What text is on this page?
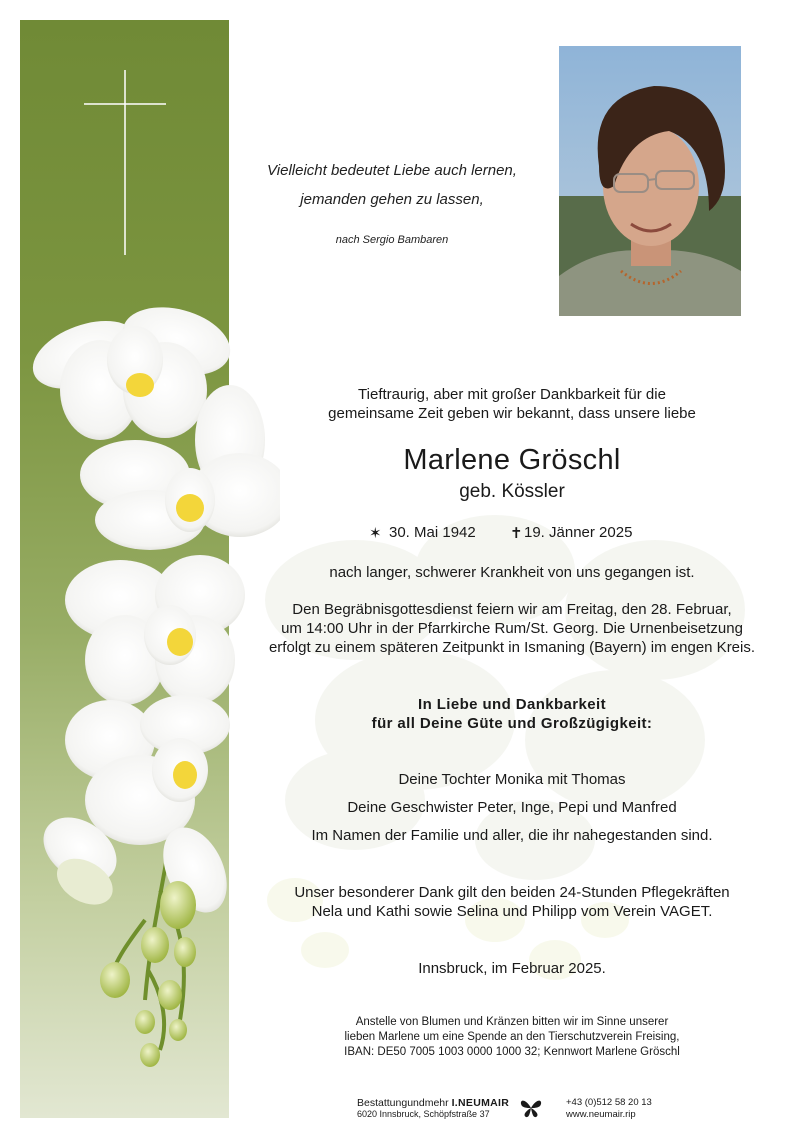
Vielleicht bedeutet Liebe auch lernen,
jemanden gehen zu lassen,
nach Sergio Bambaren
Tieftraurig, aber mit großer Dankbarkeit für die
gemeinsame Zeit geben wir bekannt, dass unsere liebe
Marlene Gröschl
geb. Kössler
✶ 30. Mai 1942 ✝ 19. Jänner 2025
nach langer, schwerer Krankheit von uns gegangen ist.
Den Begräbnisgottesdienst feiern wir am Freitag, den 28. Februar,
um 14:00 Uhr in der Pfarrkirche Rum/St. Georg. Die Urnenbeisetzung
erfolgt zu einem späteren Zeitpunkt in Ismaning (Bayern) im engen Kreis.
In Liebe und Dankbarkeit
für all Deine Güte und Großzügigkeit:
Deine Tochter Monika mit Thomas
Deine Geschwister Peter, Inge, Pepi und Manfred
Im Namen der Familie und aller, die ihr nahegestanden sind.
Unser besonderer Dank gilt den beiden 24-Stunden Pflegekräften
Nela und Kathi sowie Selina und Philipp vom Verein VAGET.
Innsbruck, im Februar 2025.
Anstelle von Blumen und Kränzen bitten wir im Sinne unserer
lieben Marlene um eine Spende an den Tierschutzverein Freising,
IBAN: DE50 7005 1003 0000 1000 32; Kennwort Marlene Gröschl
Bestattungundmehr I.NEUMAIR
6020 Innsbruck, Schöpfstraße 37
+43 (0)512 58 20 13
www.neumair.rip
